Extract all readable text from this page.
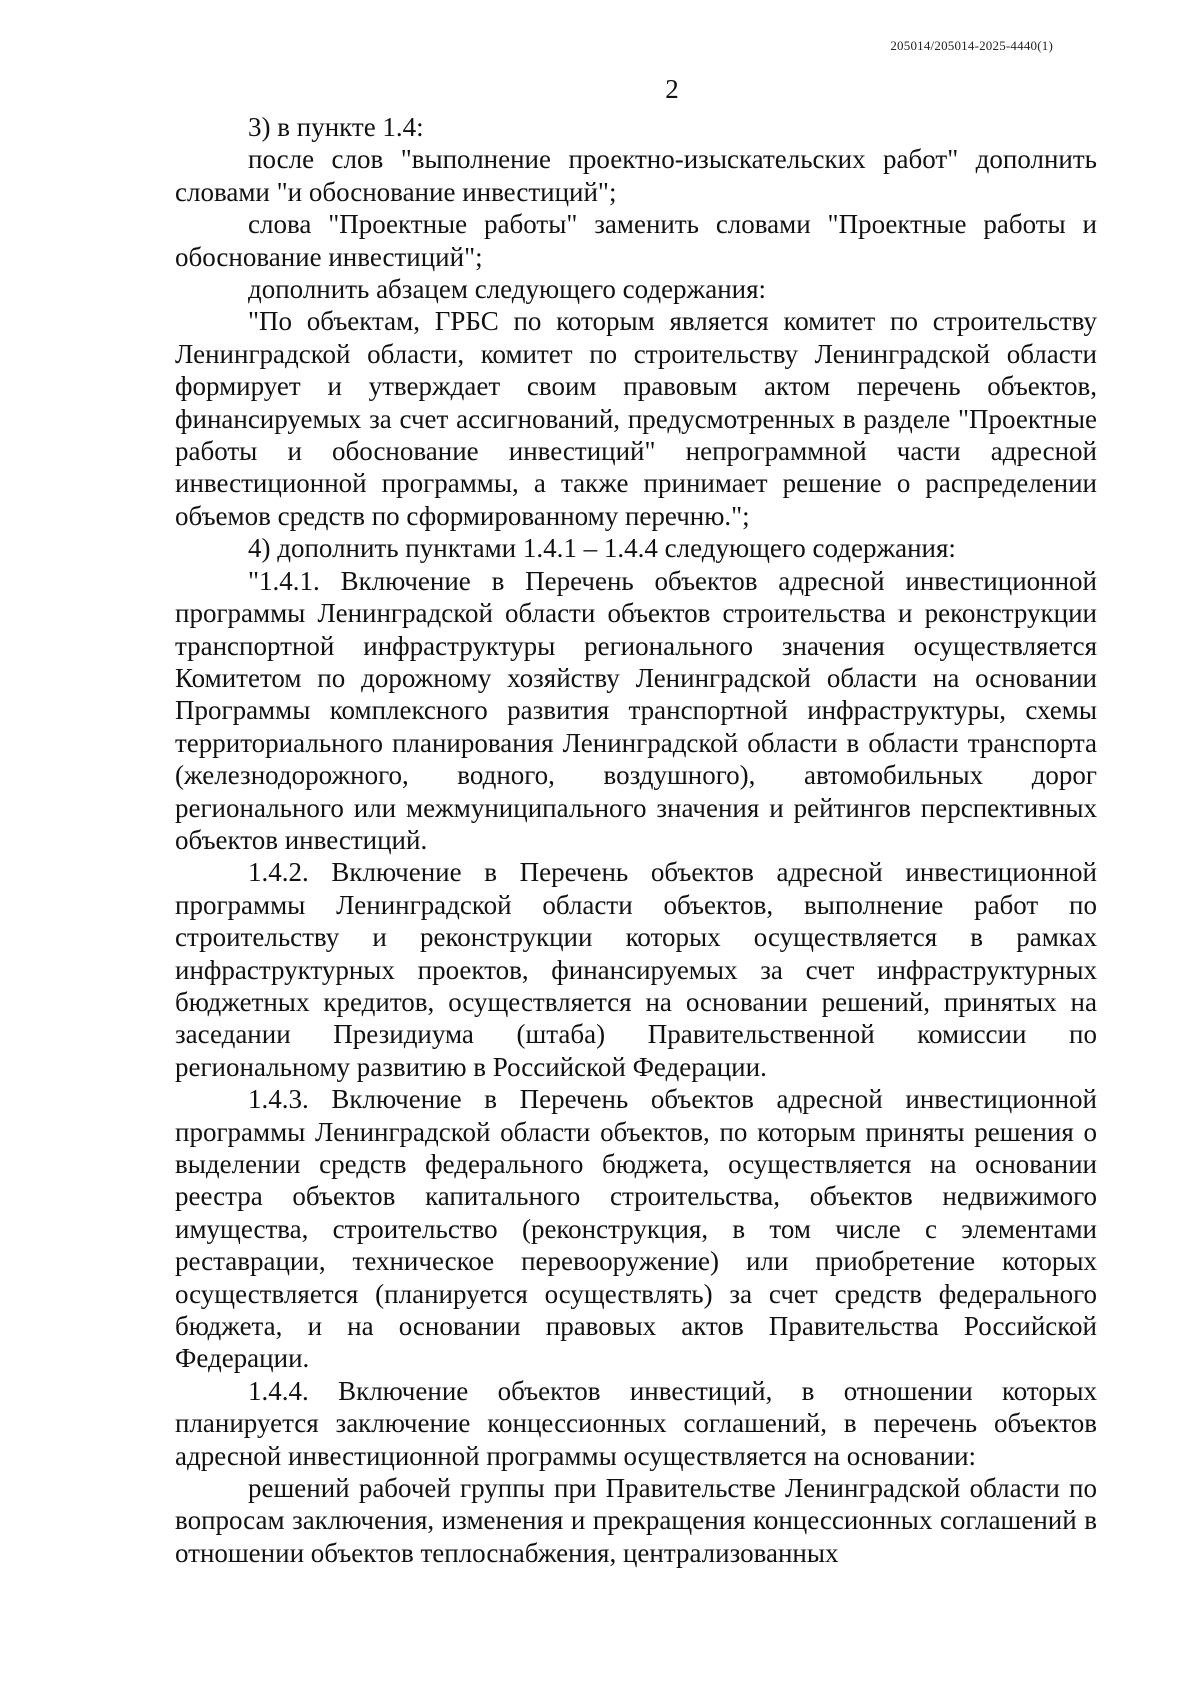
205014/205014-2025-4440(1)
2

3) в пункте 1.4:

после слов "выполнение проектно-изыскательских работ" дополнить словами "и обоснование инвестиций";

слова "Проектные работы" заменить словами "Проектные работы и обоснование инвестиций";

дополнить абзацем следующего содержания:

"По объектам, ГРБС по которым является комитет по строительству Ленинградской области, комитет по строительству Ленинградской области формирует и утверждает своим правовым актом перечень объектов, финансируемых за счет ассигнований, предусмотренных в разделе "Проектные работы и обоснование инвестиций" непрограммной части адресной инвестиционной программы, а также принимает решение о распределении объемов средств по сформированному перечню.";

4) дополнить пунктами 1.4.1 – 1.4.4 следующего содержания:

"1.4.1. Включение в Перечень объектов адресной инвестиционной программы Ленинградской области объектов строительства и реконструкции транспортной инфраструктуры регионального значения осуществляется Комитетом по дорожному хозяйству Ленинградской области на основании Программы комплексного развития транспортной инфраструктуры, схемы территориального планирования Ленинградской области в области транспорта (железнодорожного, водного, воздушного), автомобильных дорог регионального или межмуниципального значения и рейтингов перспективных объектов инвестиций.

1.4.2. Включение в Перечень объектов адресной инвестиционной программы Ленинградской области объектов, выполнение работ по строительству и реконструкции которых осуществляется в рамках инфраструктурных проектов, финансируемых за счет инфраструктурных бюджетных кредитов, осуществляется на основании решений, принятых на заседании Президиума (штаба) Правительственной комиссии по региональному развитию в Российской Федерации.

1.4.3. Включение в Перечень объектов адресной инвестиционной программы Ленинградской области объектов, по которым приняты решения о выделении средств федерального бюджета, осуществляется на основании реестра объектов капитального строительства, объектов недвижимого имущества, строительство (реконструкция, в том числе с элементами реставрации, техническое перевооружение) или приобретение которых осуществляется (планируется осуществлять) за счет средств федерального бюджета, и на основании правовых актов Правительства Российской Федерации.

1.4.4. Включение объектов инвестиций, в отношении которых планируется заключение концессионных соглашений, в перечень объектов адресной инвестиционной программы осуществляется на основании:

решений рабочей группы при Правительстве Ленинградской области по вопросам заключения, изменения и прекращения концессионных соглашений в отношении объектов теплоснабжения, централизованных
